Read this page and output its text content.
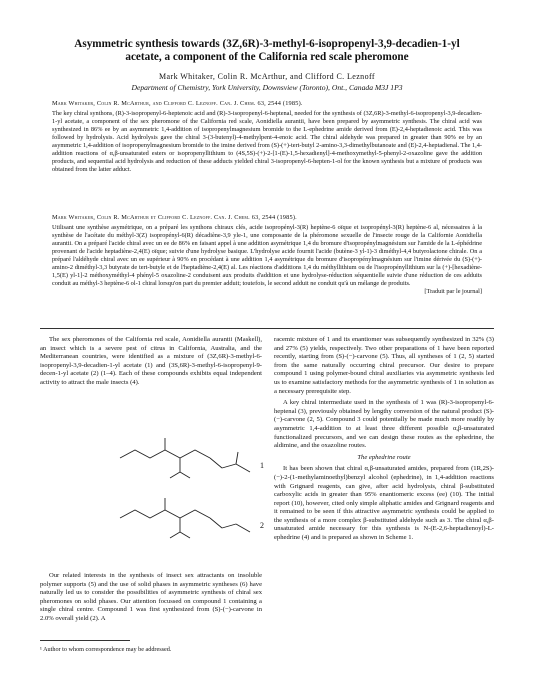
Asymmetric synthesis towards (3Z,6R)-3-methyl-6-isopropenyl-3,9-decadien-1-yl acetate, a component of the California red scale pheromone
Mark Whitaker, Colin R. McArthur, and Clifford C. Leznoff
Department of Chemistry, York University, Downsview (Toronto), Ont., Canada M3J 1P3
Mark Whitaker, Colin R. McArthur, and Clifford C. Leznoff. Can. J. Chem. 63, 2544 (1985).
The key chiral synthons, (R)-3-isopropenyl-6-heptenoic acid and (R)-3-isopropenyl-6-heptenal, needed for the synthesis of (3Z,6R)-3-methyl-6-isopropenyl-3,9-decadien-1-yl acetate, a component of the sex pheromone of the California red scale, Aonidiella aurantii, have been prepared by asymmetric synthesis. The chiral acid was synthesized in 86% ee by an asymmetric 1,4-addition of isopropenylmagnesium bromide to the L-ephedrine amide derived from (E)-2,4-heptadienoic acid. This was followed by hydrolysis. Acid hydrolysis gave the chiral 3-(3-butenyl)-4-methylpent-4-enoic acid. The chiral aldehyde was prepared in greater than 90% ee by an asymmetric 1,4-addition of isopropenylmagnesium bromide to the imine derived from (S)-(+)-tert-butyl 2-amino-3,3-dimethylbutanoate and (E)-2,4-heptadienal. The 1,4-addition reactions of α,β-unsaturated esters or isopropenyllithium to (4S,5S)-(+)-2-[1-(E)-1,5-hexadienyl]-4-methoxymethyl-5-phenyl-2-oxazoline gave the addition products, and sequential acid hydrolysis and reduction of these adducts yielded chiral 3-isopropenyl-6-hepten-1-ol for the known synthesis but a mixture of products was obtained from the latter adduct.
Mark Whitaker, Colin R. McArthur et Clifford C. Leznoff. Can. J. Chem. 63, 2544 (1985).
Utilisant une synthèse asymétrique, on a préparé les synthons chiraux clés, acide isopropényl-3(R) heptène-6 oïque et isopropényl-3(R) heptène-6 al, nécessaires à la synthèse de l'acétate du méthyl-3(Z) isopropényl-6(R) décadiène-3,9 yle-1, une composante de la phéromone sexuelle de l'insecte rouge de la Californie Aonidiella aurantii. On a préparé l'acide chiral avec un ee de 86% en faisant appel à une addition asymétrique 1,4 du bromure d'isopropénylmagnésium sur l'amide de la L-éphédrine provenant de l'acide heptadiène-2,4(E) oïque; suivie d'une hydrolyse basique. L'hydrolyse acide fournit l'acide (butène-3 yl-1)-3 diméthyl-4,4 butyrolactone chirale. On a préparé l'aldéhyde chiral avec un ee supérieur à 90% en procédant à une addition 1,4 asymétrique du bromure d'isopropénylmagnésium sur l'imine dérivée du (S)-(+)-amino-2 diméthyl-3,3 butyrate de tert-butyle et de l'heptadiène-2,4(E) al. Les réactions d'additions 1,4 du méthyllithium ou de l'isopropényllithium sur la (+)-[hexadiène-1,5(E) yl-1]-2 méthoxyméthyl-4 phényl-5 oxazoline-2 conduisent aux produits d'addition et une hydrolyse-réduction séquentielle suivie d'une réduction de ces adduits conduit au méthyl-3 heptène-6 ol-1 chiral lorsqu'on part du premier adduit; toutefois, le second adduit ne conduit qu'à un mélange de produits.
[Traduit par le journal]

The sex pheromones of the California red scale, Aonidiella aurantii (Maskell), an insect which is a severe pest of citrus in California, Australia, and the Mediterranean countries, were identified as a mixture of (3Z,6R)-3-methyl-6-isopropenyl-3,9-decadien-1-yl acetate (1) and (3S,6R)-3-methyl-6-isopropenyl-9-decen-1-yl acetate (2) (1–4). Each of these compounds exhibits equal independent activity to attract the male insects (4).

1
2

Our related interests in the synthesis of insect sex attractants on insoluble polymer supports (5) and the use of solid phases in asymmetric syntheses (6) have naturally led us to consider the possibilities of asymmetric synthesis of chiral sex pheromones on solid phases. Our attention focussed on compound 1 containing a single chiral centre. Compound 1 was first synthesized from (S)-(−)-carvone in 2.0% overall yield (2). A

¹ Author to whom correspondence may be addressed.

racemic mixture of 1 and its enantiomer was subsequently synthesized in 32% (3) and 27% (5) yields, respectively. Two other preparations of 1 have been reported recently, starting from (S)-(−)-carvone (5). Thus, all syntheses of 1 (2, 5) started from the same naturally occurring chiral precursor. Our desire to prepare compound 1 using polymer-bound chiral auxiliaries via asymmetric synthesis led us to examine satisfactory methods for the asymmetric synthesis of 1 in solution as a necessary prerequisite step.

A key chiral intermediate used in the synthesis of 1 was (R)-3-isopropenyl-6-heptenal (3), previously obtained by lengthy conversion of the natural product (S)-(−)-carvone (2, 5). Compound 3 could potentially be made much more readily by asymmetric 1,4-addition to at least three different possible α,β-unsaturated functionalized precursors, and we can design these routes as the ephedrine, the aldimine, and the oxazoline routes.

The ephedrine route

It has been shown that chiral α,β-unsaturated amides, prepared from (1R,2S)-(−)-2-(1-methylaminoethyl)benzyl alcohol (ephedrine), in 1,4-addition reactions with Grignard reagents, can give, after acid hydrolysis, chiral β-substituted carboxylic acids in greater than 95% enantiomeric excess (ee) (10). The initial report (10), however, cited only simple aliphatic amides and Grignard reagents and it remained to be seen if this attractive asymmetric synthesis could be applied to the synthesis of a more complex β-substituted aldehyde such as 3. The chiral α,β-unsaturated amide necessary for this synthesis is N-(E-2,6-heptadienoyl)-L-ephedrine (4) and is prepared as shown in Scheme 1.
